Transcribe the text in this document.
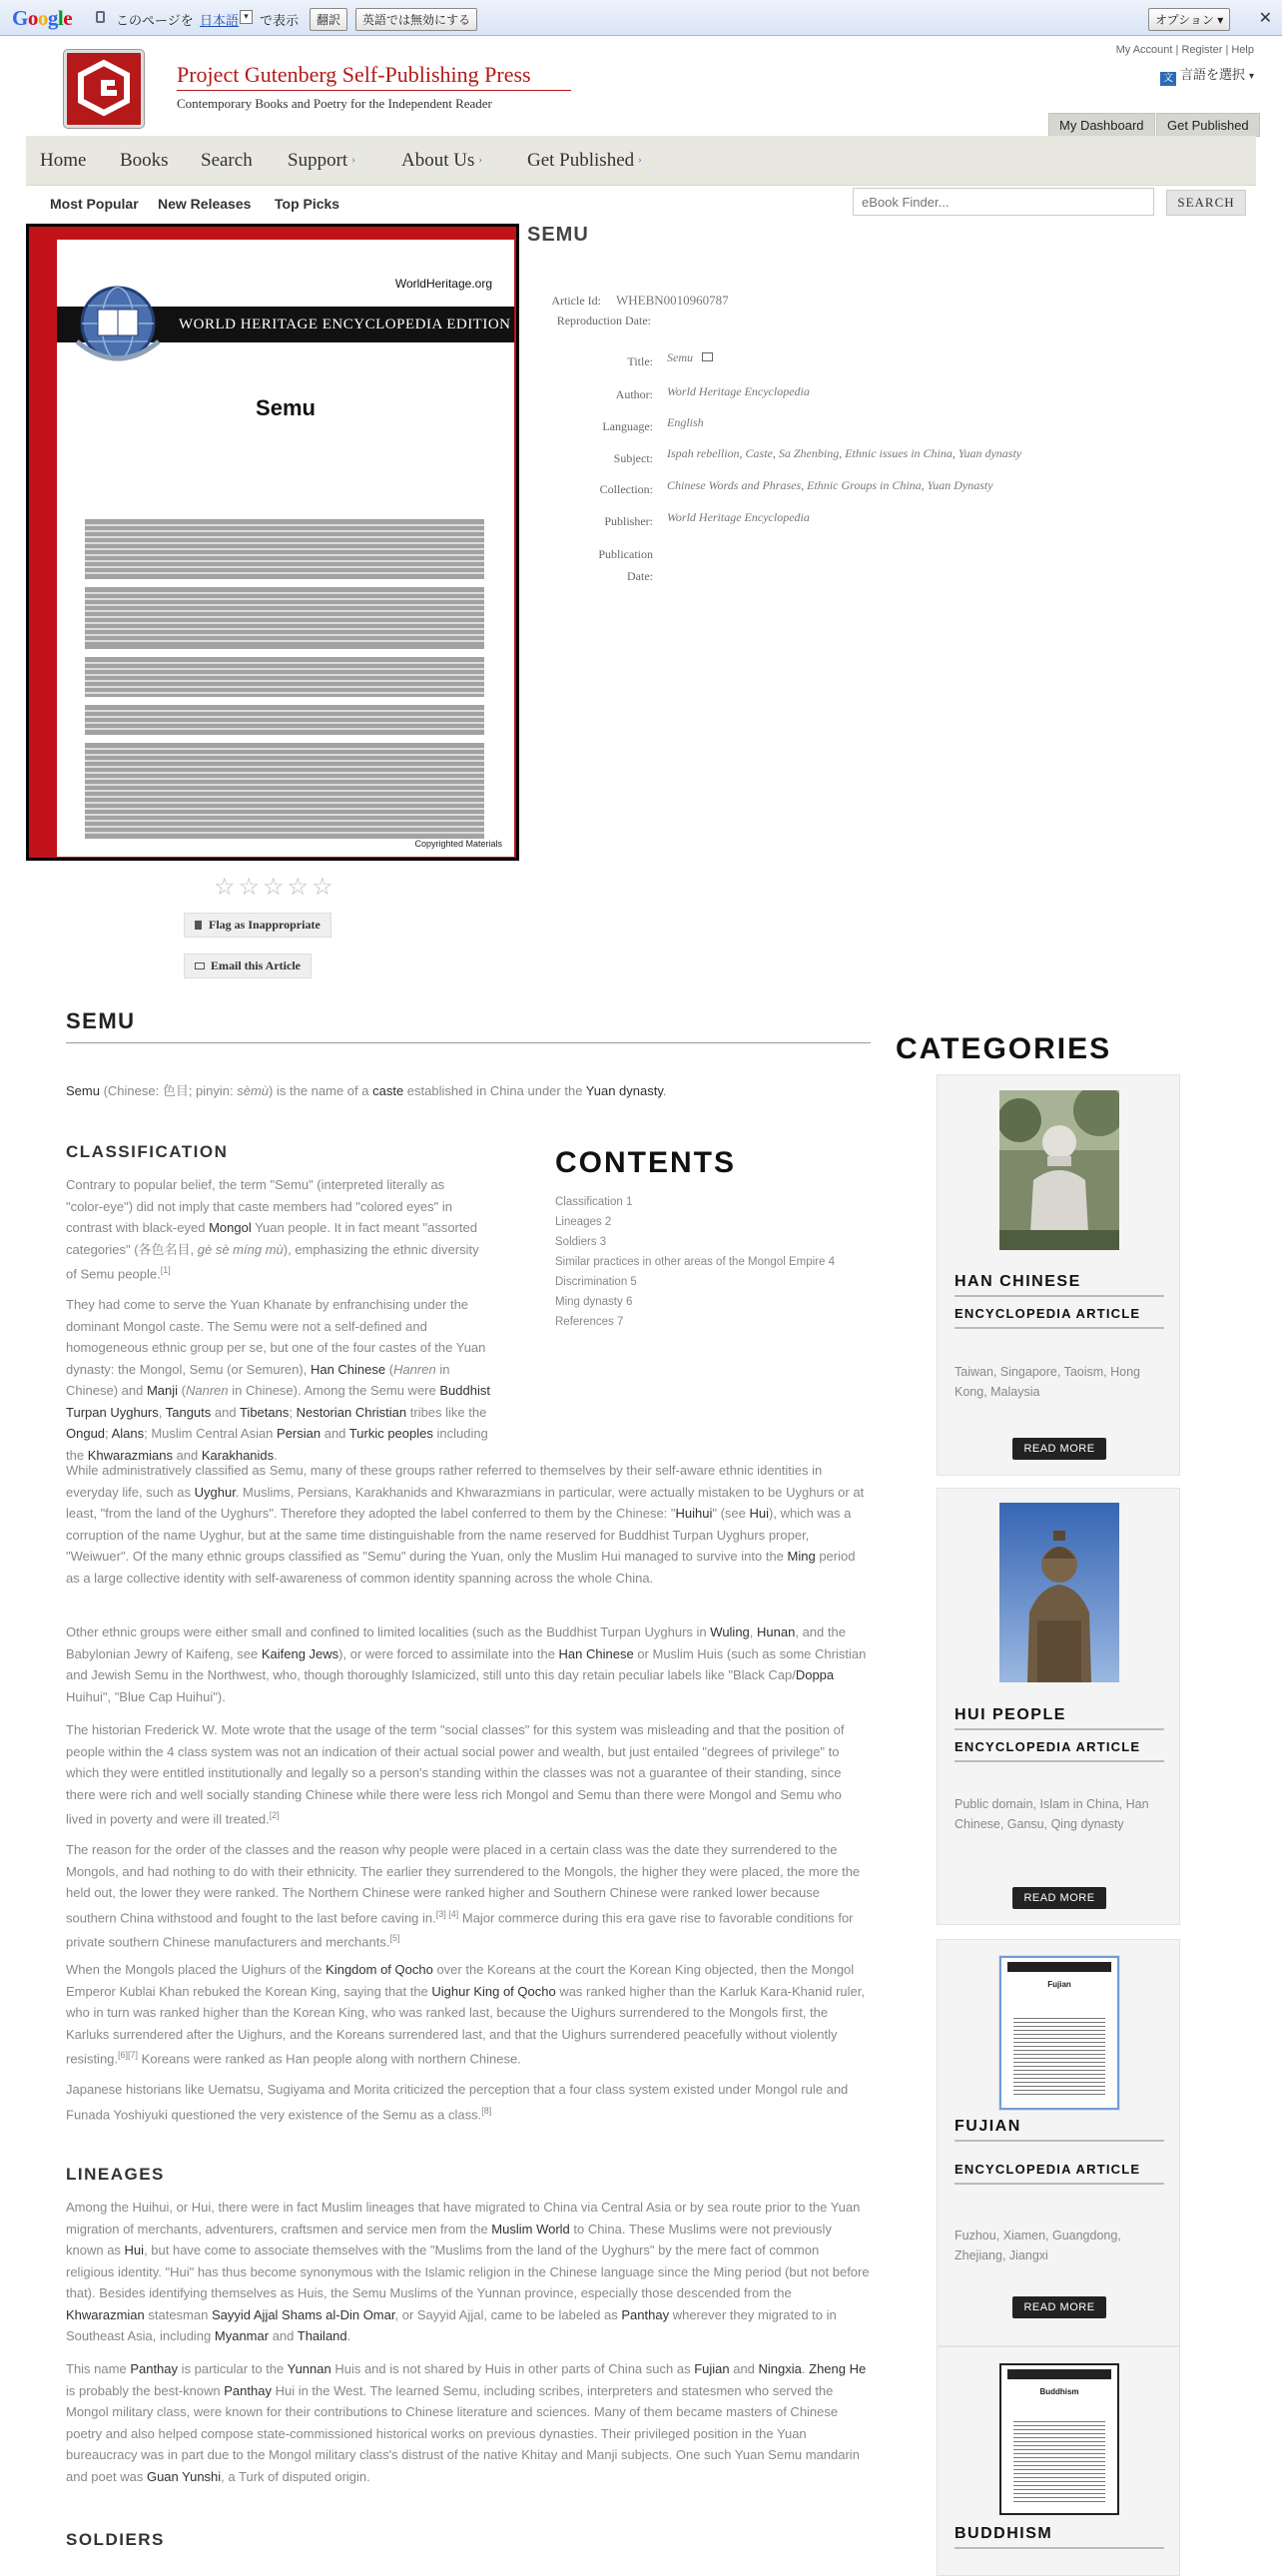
Google	このページを 日本語 ▾ で表示	翻訳	英語では無効にする	オプション ▾	✕
Project Gutenberg Self-Publishing Press
Contemporary Books and Poetry for the Independent Reader
My Account | Register | Help
文 言語を選択 ▾
My Dashboard	Get Published
Home Books Search Support › About Us › Get Published ›
Most Popular New Releases Top Picks
eBook Finder...	SEARCH
WorldHeritage.org
WORLD HERITAGE ENCYCLOPEDIA EDITION
Semu
Copyrighted Materials
SEMU
Article Id: WHEBN0010960787
Reproduction Date:
Title: Semu
Author: World Heritage Encyclopedia
Language: English
Subject: Ispah rebellion, Caste, Sa Zhenbing, Ethnic issues in China, Yuan dynasty
Collection: Chinese Words and Phrases, Ethnic Groups in China, Yuan Dynasty
Publisher: World Heritage Encyclopedia
Publication
Date:
☆☆☆☆☆
Flag as Inappropriate
Email this Article
SEMU
Semu (Chinese: 色目; pinyin: sèmù) is the name of a caste established in China under the Yuan dynasty.
CLASSIFICATION
Contrary to popular belief, the term "Semu" (interpreted literally as "color-eye") did not imply that caste members had "colored eyes" in contrast with black-eyed Mongol Yuan people. It in fact meant "assorted categories" (各色名目, gè sè míng mù), emphasizing the ethnic diversity of Semu people.[1]
They had come to serve the Yuan Khanate by enfranchising under the dominant Mongol caste. The Semu were not a self-defined and homogeneous ethnic group per se, but one of the four castes of the Yuan dynasty: the Mongol, Semu (or Semuren), Han Chinese (Hanren in Chinese) and Manji (Nanren in Chinese). Among the Semu were Buddhist Turpan Uyghurs, Tanguts and Tibetans; Nestorian Christian tribes like the Ongud; Alans; Muslim Central Asian Persian and Turkic peoples including the Khwarazmians and Karakhanids.
CONTENTS
Classification 1
Lineages 2
Soldiers 3
Similar practices in other areas of the Mongol Empire 4
Discrimination 5
Ming dynasty 6
References 7
While administratively classified as Semu, many of these groups rather referred to themselves by their self-aware ethnic identities in everyday life, such as Uyghur. Muslims, Persians, Karakhanids and Khwarazmians in particular, were actually mistaken to be Uyghurs or at least, "from the land of the Uyghurs". Therefore they adopted the label conferred to them by the Chinese: "Huihui" (see Hui), which was a corruption of the name Uyghur, but at the same time distinguishable from the name reserved for Buddhist Turpan Uyghurs proper, "Weiwuer". Of the many ethnic groups classified as "Semu" during the Yuan, only the Muslim Hui managed to survive into the Ming period as a large collective identity with self-awareness of common identity spanning across the whole China.
Other ethnic groups were either small and confined to limited localities (such as the Buddhist Turpan Uyghurs in Wuling, Hunan, and the Babylonian Jewry of Kaifeng, see Kaifeng Jews), or were forced to assimilate into the Han Chinese or Muslim Huis (such as some Christian and Jewish Semu in the Northwest, who, though thoroughly Islamicized, still unto this day retain peculiar labels like "Black Cap/Doppa Huihui", "Blue Cap Huihui").
The historian Frederick W. Mote wrote that the usage of the term "social classes" for this system was misleading and that the position of people within the 4 class system was not an indication of their actual social power and wealth, but just entailed "degrees of privilege" to which they were entitled institutionally and legally so a person's standing within the classes was not a guarantee of their standing, since there were rich and well socially standing Chinese while there were less rich Mongol and Semu than there were Mongol and Semu who lived in poverty and were ill treated.[2]
The reason for the order of the classes and the reason why people were placed in a certain class was the date they surrendered to the Mongols, and had nothing to do with their ethnicity. The earlier they surrendered to the Mongols, the higher they were placed, the more the held out, the lower they were ranked. The Northern Chinese were ranked higher and Southern Chinese were ranked lower because southern China withstood and fought to the last before caving in.[3] [4] Major commerce during this era gave rise to favorable conditions for private southern Chinese manufacturers and merchants.[5]
When the Mongols placed the Uighurs of the Kingdom of Qocho over the Koreans at the court the Korean King objected, then the Mongol Emperor Kublai Khan rebuked the Korean King, saying that the Uighur King of Qocho was ranked higher than the Karluk Kara-Khanid ruler, who in turn was ranked higher than the Korean King, who was ranked last, because the Uighurs surrendered to the Mongols first, the Karluks surrendered after the Uighurs, and the Koreans surrendered last, and that the Uighurs surrendered peacefully without violently resisting.[6][7] Koreans were ranked as Han people along with northern Chinese.
Japanese historians like Uematsu, Sugiyama and Morita criticized the perception that a four class system existed under Mongol rule and Funada Yoshiyuki questioned the very existence of the Semu as a class.[8]
LINEAGES
Among the Huihui, or Hui, there were in fact Muslim lineages that have migrated to China via Central Asia or by sea route prior to the Yuan migration of merchants, adventurers, craftsmen and service men from the Muslim World to China. These Muslims were not previously known as Hui, but have come to associate themselves with the "Muslims from the land of the Uyghurs" by the mere fact of common religious identity. "Hui" has thus become synonymous with the Islamic religion in the Chinese language since the Ming period (but not before that). Besides identifying themselves as Huis, the Semu Muslims of the Yunnan province, especially those descended from the Khwarazmian statesman Sayyid Ajjal Shams al-Din Omar, or Sayyid Ajjal, came to be labeled as Panthay wherever they migrated to in Southeast Asia, including Myanmar and Thailand.
This name Panthay is particular to the Yunnan Huis and is not shared by Huis in other parts of China such as Fujian and Ningxia. Zheng He is probably the best-known Panthay Hui in the West. The learned Semu, including scribes, interpreters and statesmen who served the Mongol military class, were known for their contributions to Chinese literature and sciences. Many of them became masters of Chinese poetry and also helped compose state-commissioned historical works on previous dynasties. Their privileged position in the Yuan bureaucracy was in part due to the Mongol military class's distrust of the native Khitay and Manji subjects. One such Yuan Semu mandarin and poet was Guan Yunshi, a Turk of disputed origin.
SOLDIERS
CATEGORIES
HAN CHINESE
ENCYCLOPEDIA ARTICLE
Taiwan, Singapore, Taoism, Hong Kong, Malaysia
READ MORE
HUI PEOPLE
ENCYCLOPEDIA ARTICLE
Public domain, Islam in China, Han Chinese, Gansu, Qing dynasty
READ MORE
Fujian
FUJIAN
ENCYCLOPEDIA ARTICLE
Fuzhou, Xiamen, Guangdong, Zhejiang, Jiangxi
READ MORE
Buddhism
BUDDHISM
